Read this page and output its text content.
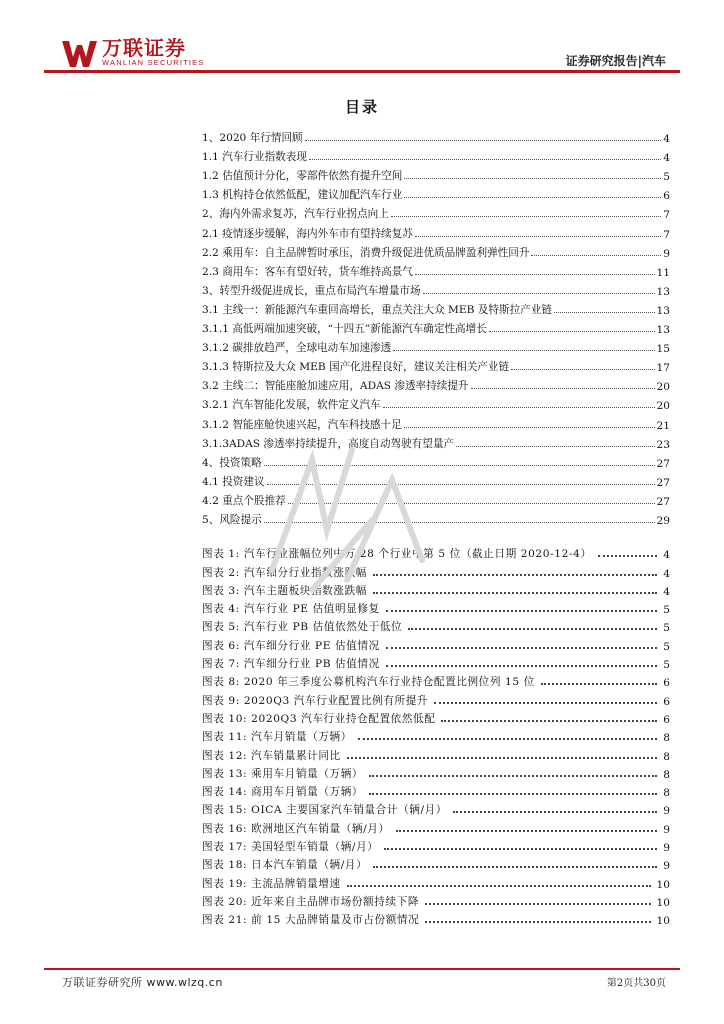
万联证券
WANLIAN SECURITIES	证券研究报告|汽车
目录
1、2020 年行情回顾	4
1.1 汽车行业指数表现	4
1.2 估值预计分化，零部件依然有提升空间	5
1.3 机构持仓依然低配，建议加配汽车行业	6
2、海内外需求复苏，汽车行业拐点向上	7
2.1 疫情逐步缓解，海内外车市有望持续复苏	7
2.2 乘用车：自主品牌暂时承压，消费升级促进优质品牌盈利弹性回升	9
2.3 商用车：客车有望好转，货车维持高景气	11
3、转型升级促进成长，重点布局汽车增量市场	13
3.1 主线一：新能源汽车重回高增长，重点关注大众 MEB 及特斯拉产业链	13
3.1.1 高低两端加速突破，“十四五”新能源汽车确定性高增长	13
3.1.2 碳排放趋严，全球电动车加速渗透	15
3.1.3 特斯拉及大众 MEB 国产化进程良好，建议关注相关产业链	17
3.2 主线二：智能座舱加速应用，ADAS 渗透率持续提升	20
3.2.1 汽车智能化发展，软件定义汽车	20
3.1.2 智能座舱快速兴起，汽车科技感十足	21
3.1.3ADAS 渗透率持续提升，高度自动驾驶有望量产	23
4、投资策略	27
4.1 投资建议	27
4.2 重点个股推荐	27
5、风险提示	29
图表 1: 汽车行业涨幅位列中万 28 个行业中第 5 位（截止日期 2020-12-4）	4
图表 2: 汽车细分行业指数涨跌幅	4
图表 3: 汽车主题板块指数涨跌幅	4
图表 4: 汽车行业 PE 估值明显修复	5
图表 5: 汽车行业 PB 估值依然处于低位	5
图表 6: 汽车细分行业 PE 估值情况	5
图表 7: 汽车细分行业 PB 估值情况	5
图表 8: 2020 年三季度公募机构汽车行业持仓配置比例位列 15 位	6
图表 9: 2020Q3 汽车行业配置比例有所提升	6
图表 10: 2020Q3 汽车行业持仓配置依然低配	6
图表 11: 汽车月销量（万辆）	8
图表 12: 汽车销量累计同比	8
图表 13: 乘用车月销量（万辆）	8
图表 14: 商用车月销量（万辆）	8
图表 15: OICA 主要国家汽车销量合计（辆/月）	9
图表 16: 欧洲地区汽车销量（辆/月）	9
图表 17: 美国轻型车销量（辆/月）	9
图表 18: 日本汽车销量（辆/月）	9
图表 19: 主流品牌销量增速	10
图表 20: 近年来自主品牌市场份额持续下降	10
图表 21: 前 15 大品牌销量及市占份额情况	10
万联证券研究所 www.wlzq.cn	第2页共30页
